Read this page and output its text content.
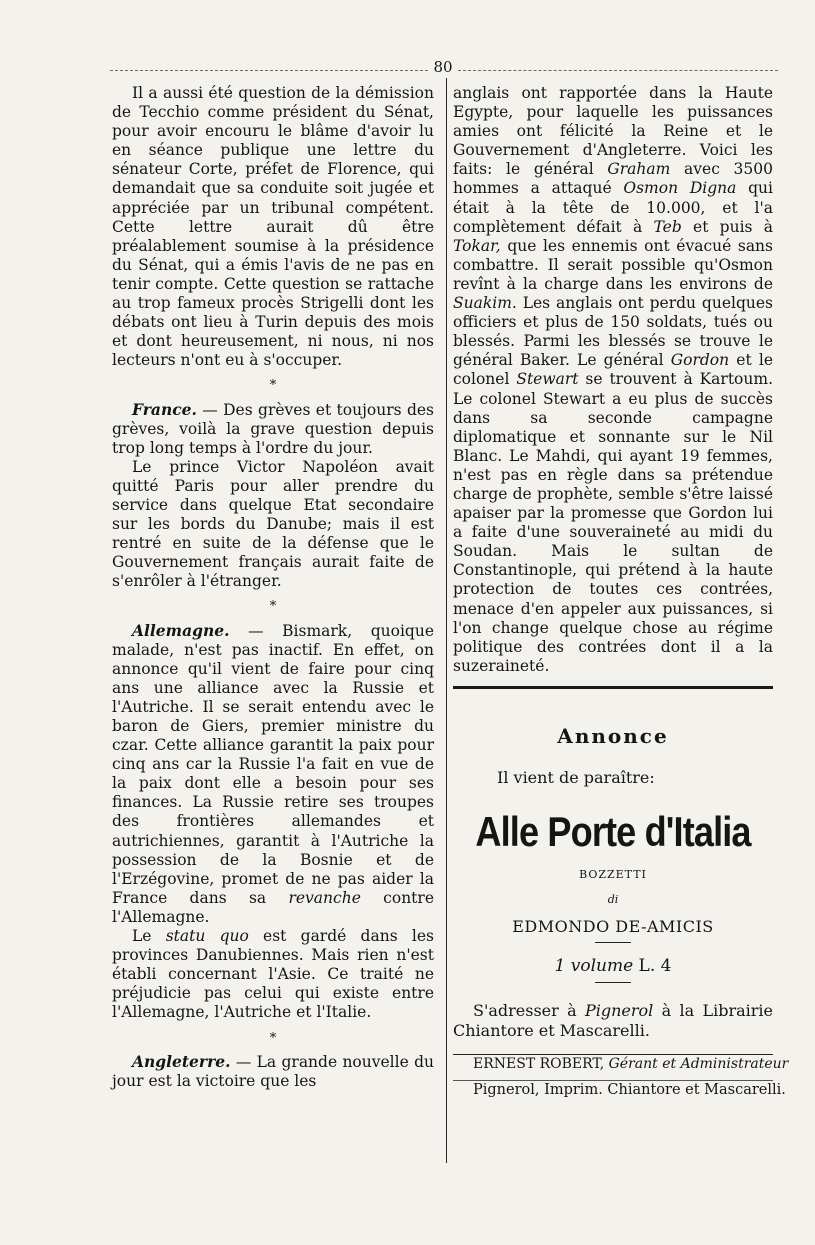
80

Il a aussi été question de la démission de Tecchio comme président du Sénat, pour avoir encouru le blâme d'avoir lu en séance publique une lettre du sénateur Corte, préfet de Florence, qui demandait que sa conduite soit jugée et appréciée par un tribunal compétent. Cette lettre aurait dû être préalablement soumise à la présidence du Sénat, qui a émis l'avis de ne pas en tenir compte. Cette question se rattache au trop fameux procès Strigelli dont les débats ont lieu à Turin depuis des mois et dont heureusement, ni nous, ni nos lecteurs n'ont eu à s'occuper.

*

France. — Des grèves et toujours des grèves, voilà la grave question depuis trop long temps à l'ordre du jour.

Le prince Victor Napoléon avait quitté Paris pour aller prendre du service dans quelque Etat secondaire sur les bords du Danube; mais il est rentré en suite de la défense que le Gouvernement français aurait faite de s'enrôler à l'étranger.

*

Allemagne. — Bismark, quoique malade, n'est pas inactif. En effet, on annonce qu'il vient de faire pour cinq ans une alliance avec la Russie et l'Autriche. Il se serait entendu avec le baron de Giers, premier ministre du czar. Cette alliance garantit la paix pour cinq ans car la Russie l'a fait en vue de la paix dont elle a besoin pour ses finances. La Russie retire ses troupes des frontières allemandes et autrichiennes, garantit à l'Autriche la possession de la Bosnie et de l'Erzégovine, promet de ne pas aider la France dans sa revanche contre l'Allemagne.

Le statu quo est gardé dans les provinces Danubiennes. Mais rien n'est établi concernant l'Asie. Ce traité ne préjudicie pas celui qui existe entre l'Allemagne, l'Autriche et l'Italie.

*

Angleterre. — La grande nouvelle du jour est la victoire que les

anglais ont rapportée dans la Haute Egypte, pour laquelle les puissances amies ont félicité la Reine et le Gouvernement d'Angleterre. Voici les faits: le général Graham avec 3500 hommes a attaqué Osmon Digna qui était à la tête de 10.000, et l'a complètement défait à Teb et puis à Tokar, que les ennemis ont évacué sans combattre. Il serait possible qu'Osmon revînt à la charge dans les environs de Suakim. Les anglais ont perdu quelques officiers et plus de 150 soldats, tués ou blessés. Parmi les blessés se trouve le général Baker. Le général Gordon et le colonel Stewart se trouvent à Kartoum. Le colonel Stewart a eu plus de succès dans sa seconde campagne diplomatique et sonnante sur le Nil Blanc. Le Mahdi, qui ayant 19 femmes, n'est pas en règle dans sa prétendue charge de prophète, semble s'être laissé apaiser par la promesse que Gordon lui a faite d'une souveraineté au midi du Soudan. Mais le sultan de Constantinople, qui prétend à la haute protection de toutes ces contrées, menace d'en appeler aux puissances, si l'on change quelque chose au régime politique des contrées dont il a la suzeraineté.

Annonce

Il vient de paraître:

Alle Porte d'Italia
BOZZETTI
di
EDMONDO DE-AMICIS
1 volume L. 4

S'adresser à Pignerol à la Librairie Chiantore et Mascarelli.

ERNEST ROBERT, Gérant et Administrateur

Pignerol, Imprim. Chiantore et Mascarelli.
